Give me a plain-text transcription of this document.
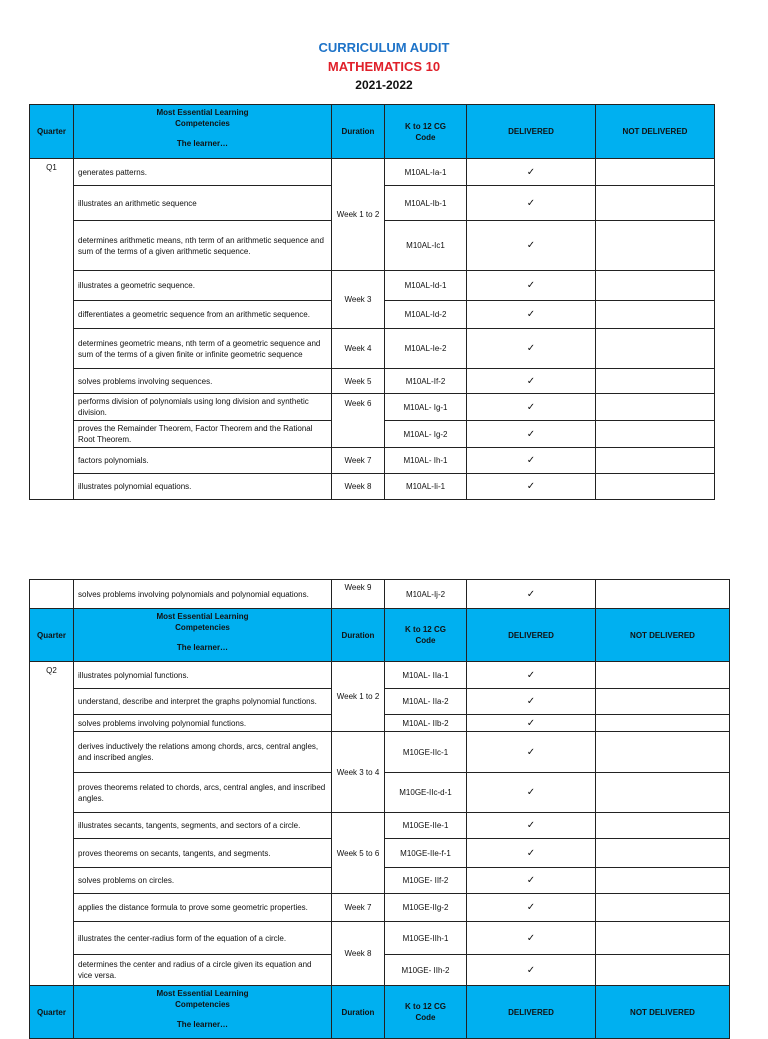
CURRICULUM AUDIT
MATHEMATICS 10
2021-2022
Quarter	Most Essential Learning
Competencies
The learner…	Duration	K to 12 CG
Code	DELIVERED	NOT DELIVERED
Q1	generates patterns.	Week 1 to 2	M10AL-Ia-1	✓	
	illustrates an arithmetic sequence		M10AL-Ib-1	✓	
	determines arithmetic means, nth term of an arithmetic sequence and sum of the terms of a given arithmetic sequence.		M10AL-Ic1	✓	
	illustrates a geometric sequence.	Week 3	M10AL-Id-1	✓	
	differentiates a geometric sequence from an arithmetic sequence.		M10AL-Id-2	✓	
	determines geometric means, nth term of a geometric sequence and sum of the terms of a given finite or infinite geometric sequence	Week 4	M10AL-Ie-2	✓	
	solves problems involving sequences.	Week 5	M10AL-If-2	✓	
	performs division of polynomials using long division and synthetic division.	Week 6	M10AL- Ig-1	✓	
	proves the Remainder Theorem, Factor Theorem and the Rational Root Theorem.		M10AL- Ig-2	✓	
	factors polynomials.	Week 7	M10AL- Ih-1	✓	
	illustrates polynomial equations.	Week 8	M10AL-Ii-1	✓	
	solves problems involving polynomials and polynomial equations.	Week 9	M10AL-Ij-2	✓	
Quarter	Most Essential Learning
Competencies
The learner…	Duration	K to 12 CG
Code	DELIVERED	NOT DELIVERED
Q2	illustrates polynomial functions.	Week 1 to 2	M10AL- IIa-1	✓	
	understand, describe and interpret the graphs polynomial functions.		M10AL- IIa-2	✓	
	solves problems involving polynomial functions.		M10AL- IIb-2	✓	
	derives inductively the relations among chords, arcs, central angles, and inscribed angles.	Week 3 to 4	M10GE-IIc-1	✓	
	proves theorems related to chords, arcs, central angles, and inscribed angles.		M10GE-IIc-d-1	✓	
	illustrates secants, tangents, segments, and sectors of a circle.	Week 5 to 6	M10GE-IIe-1	✓	
	proves theorems on secants, tangents, and segments.		M10GE-IIe-f-1	✓	
	solves problems on circles.		M10GE- IIf-2	✓	
	applies the distance formula to prove some geometric properties.	Week 7	M10GE-IIg-2	✓	
	illustrates the center-radius form of the equation of a circle.	Week 8	M10GE-IIh-1	✓	
	determines the center and radius of a circle given its equation and vice versa.		M10GE- IIh-2	✓	
Quarter	Most Essential Learning
Competencies
The learner…	Duration	K to 12 CG
Code	DELIVERED	NOT DELIVERED
